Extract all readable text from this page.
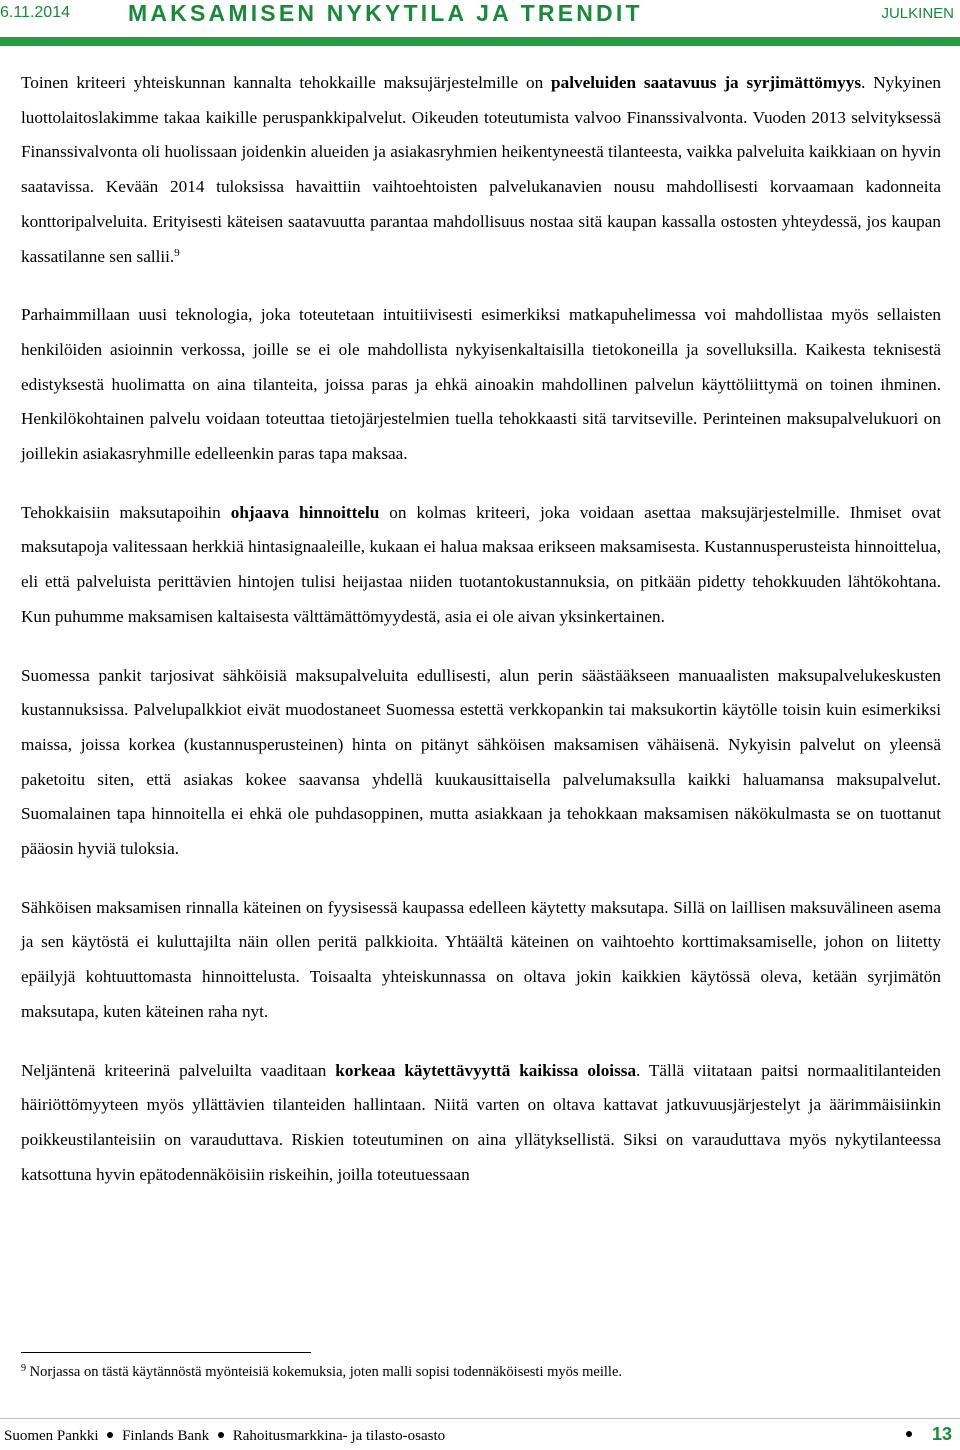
6.11.2014	MAKSAMISEN NYKYTILA JA TRENDIT	JULKINEN

Toinen kriteeri yhteiskunnan kannalta tehokkaille maksujärjestelmille on palveluiden saatavuus ja syrjimättömyys. Nykyinen luottolaitoslakimme takaa kaikille peruspankkipalvelut. Oikeuden toteutumista valvoo Finanssivalvonta. Vuoden 2013 selvityksessä Finanssivalvonta oli huolissaan joidenkin alueiden ja asiakasryhmien heikentyneestä tilanteesta, vaikka palveluita kaikkiaan on hyvin saatavissa. Kevään 2014 tuloksissa havaittiin vaihtoehtoisten palvelukanavien nousu mahdollisesti korvaamaan kadonneita konttoripalveluita. Erityisesti käteisen saatavuutta parantaa mahdollisuus nostaa sitä kaupan kassalla ostosten yhteydessä, jos kaupan kassatilanne sen sallii.$^9$

Parhaimmillaan uusi teknologia, joka toteutetaan intuitiivisesti esimerkiksi matkapuhelimessa voi mahdollistaa myös sellaisten henkilöiden asioinnin verkossa, joille se ei ole mahdollista nykyisenkaltaisilla tietokoneilla ja sovelluksilla. Kaikesta teknisestä edistyksestä huolimatta on aina tilanteita, joissa paras ja ehkä ainoakin mahdollinen palvelun käyttöliittymä on toinen ihminen. Henkilökohtainen palvelu voidaan toteuttaa tietojärjestelmien tuella tehokkaasti sitä tarvitseville. Perinteinen maksupalvelukuori on joillekin asiakasryhmille edelleenkin paras tapa maksaa.

Tehokkaisiin maksutapoihin ohjaava hinnoittelu on kolmas kriteeri, joka voidaan asettaa maksujärjestelmille. Ihmiset ovat maksutapoja valitessaan herkkiä hintasignaaleille, kukaan ei halua maksaa erikseen maksamisesta. Kustannusperusteista hinnoittelua, eli että palveluista perittävien hintojen tulisi heijastaa niiden tuotantokustannuksia, on pitkään pidetty tehokkuuden lähtökohtana. Kun puhumme maksamisen kaltaisesta välttämättömyydestä, asia ei ole aivan yksinkertainen.

Suomessa pankit tarjosivat sähköisiä maksupalveluita edullisesti, alun perin säästääkseen manuaalisten maksupalvelukeskusten kustannuksissa. Palvelupalkkiot eivät muodostaneet Suomessa estettä verkkopankin tai maksukortin käytölle toisin kuin esimerkiksi maissa, joissa korkea (kustannusperusteinen) hinta on pitänyt sähköisen maksamisen vähäisenä. Nykyisin palvelut on yleensä paketoitu siten, että asiakas kokee saavansa yhdellä kuukausittaisella palvelumaksulla kaikki haluamansa maksupalvelut. Suomalainen tapa hinnoitella ei ehkä ole puhdasoppinen, mutta asiakkaan ja tehokkaan maksamisen näkökulmasta se on tuottanut pääosin hyviä tuloksia.

Sähköisen maksamisen rinnalla käteinen on fyysisessä kaupassa edelleen käytetty maksutapa. Sillä on laillisen maksuvälineen asema ja sen käytöstä ei kuluttajilta näin ollen peritä palkkioita. Yhtäältä käteinen on vaihtoehto korttimaksamiselle, johon on liitetty epäilyjä kohtuuttomasta hinnoittelusta. Toisaalta yhteiskunnassa on oltava jokin kaikkien käytössä oleva, ketään syrjimätön maksutapa, kuten käteinen raha nyt.

Neljäntenä kriteerinä palveluilta vaaditaan korkeaa käytettävyyttä kaikissa oloissa. Tällä viitataan paitsi normaalitilanteiden häiriöttömyyteen myös yllättävien tilanteiden hallintaan. Niitä varten on oltava kattavat jatkuvuusjärjestelyt ja äärimmäisiinkin poikkeustilanteisiin on varauduttava. Riskien toteutuminen on aina yllätyksellistä. Siksi on varauduttava myös nykytilanteessa katsottuna hyvin epätodennäköisiin riskeihin, joilla toteutuessaan

$^9$ Norjassa on tästä käytännöstä myönteisiä kokemuksia, joten malli sopisi todennäköisesti myös meille.
Suomen Pankki Finlands Bank Rahoitusmarkkina- ja tilasto-osasto	13
